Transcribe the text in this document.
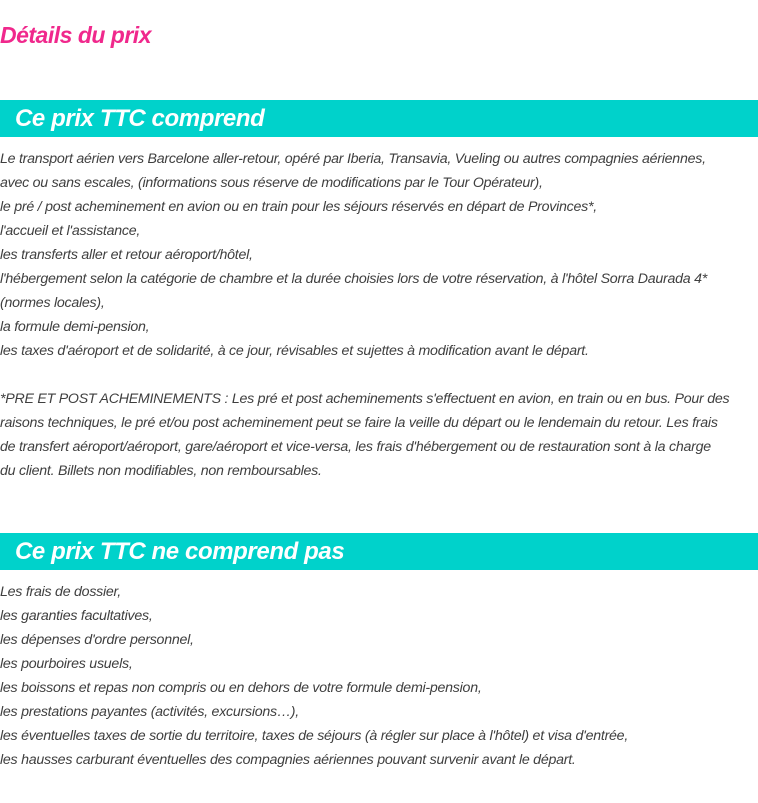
Détails du prix
Ce prix TTC comprend
Le transport aérien vers Barcelone aller-retour, opéré par Iberia, Transavia, Vueling ou autres compagnies aériennes,
avec ou sans escales, (informations sous réserve de modifications par le Tour Opérateur),
le pré / post acheminement en avion ou en train pour les séjours réservés en départ de Provinces*,
l'accueil et l'assistance,
les transferts aller et retour aéroport/hôtel,
l'hébergement selon la catégorie de chambre et la durée choisies lors de votre réservation, à l'hôtel Sorra Daurada 4*
(normes locales),
la formule demi-pension,
les taxes d'aéroport et de solidarité, à ce jour, révisables et sujettes à modification avant le départ.
*PRE ET POST ACHEMINEMENTS : Les pré et post acheminements s'effectuent en avion, en train ou en bus. Pour des
raisons techniques, le pré et/ou post acheminement peut se faire la veille du départ ou le lendemain du retour. Les frais
de transfert aéroport/aéroport, gare/aéroport et vice-versa, les frais d'hébergement ou de restauration sont à la charge
du client. Billets non modifiables, non remboursables.
Ce prix TTC ne comprend pas
Les frais de dossier,
les garanties facultatives,
les dépenses d'ordre personnel,
les pourboires usuels,
les boissons et repas non compris ou en dehors de votre formule demi-pension,
les prestations payantes (activités, excursions…),
les éventuelles taxes de sortie du territoire, taxes de séjours (à régler sur place à l'hôtel) et visa d'entrée,
les hausses carburant éventuelles des compagnies aériennes pouvant survenir avant le départ.
